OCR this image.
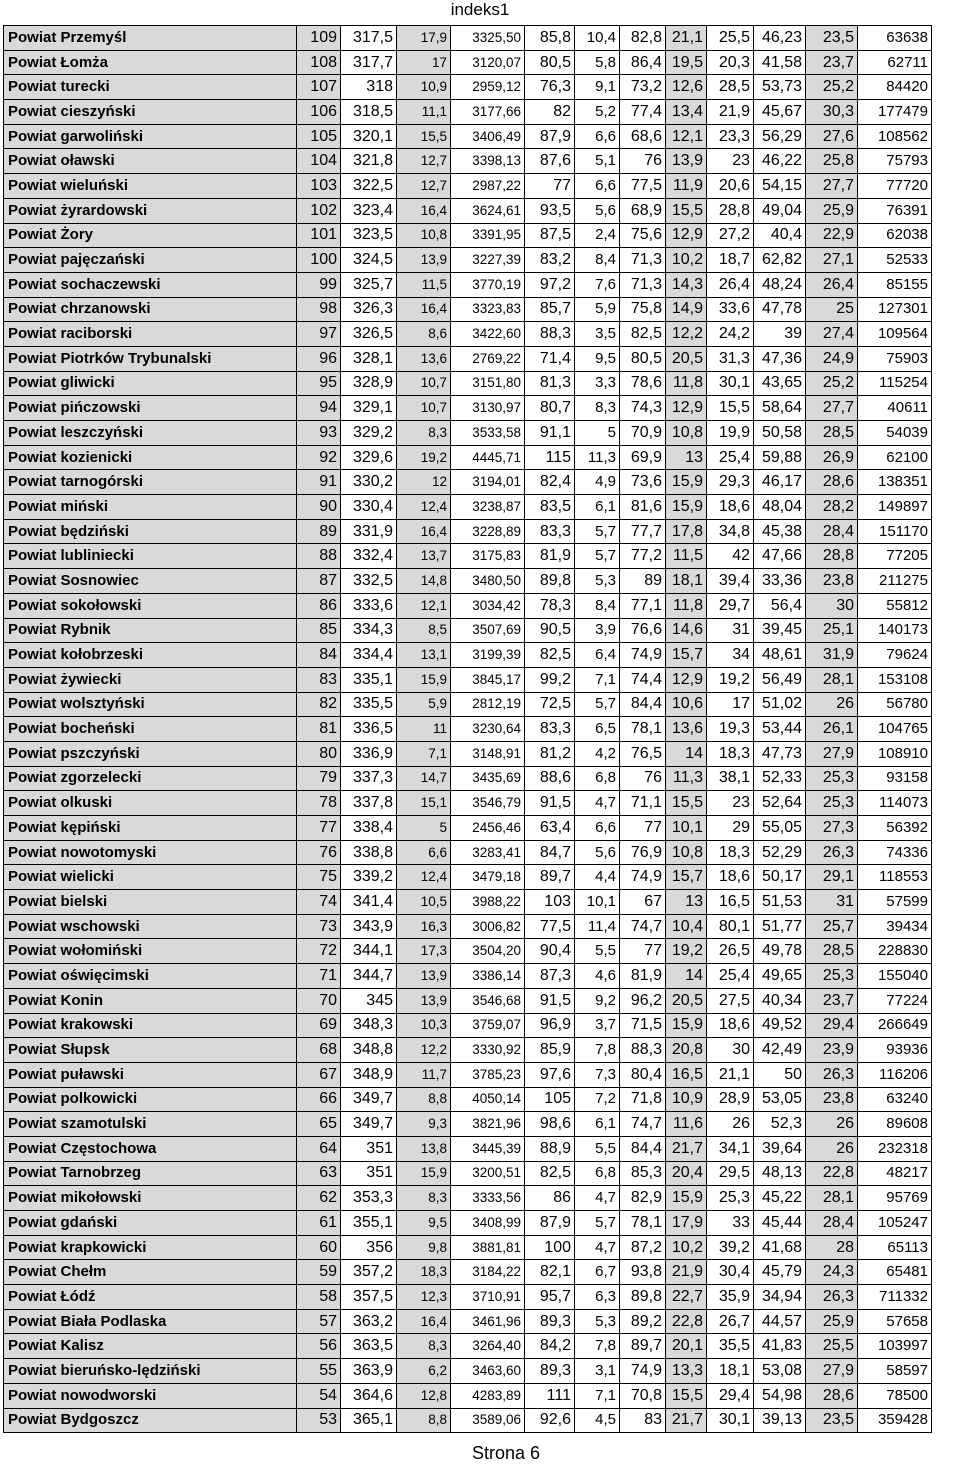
indeks1
Powiat Przemyśl	109	317,5	17,9	3325,50	85,8	10,4	82,8	21,1	25,5	46,23	23,5	63638
Powiat Łomża	108	317,7	17	3120,07	80,5	5,8	86,4	19,5	20,3	41,58	23,7	62711
Powiat turecki	107	318	10,9	2959,12	76,3	9,1	73,2	12,6	28,5	53,73	25,2	84420
Powiat cieszyński	106	318,5	11,1	3177,66	82	5,2	77,4	13,4	21,9	45,67	30,3	177479
Powiat garwoliński	105	320,1	15,5	3406,49	87,9	6,6	68,6	12,1	23,3	56,29	27,6	108562
Powiat oławski	104	321,8	12,7	3398,13	87,6	5,1	76	13,9	23	46,22	25,8	75793
Powiat wieluński	103	322,5	12,7	2987,22	77	6,6	77,5	11,9	20,6	54,15	27,7	77720
Powiat żyrardowski	102	323,4	16,4	3624,61	93,5	5,6	68,9	15,5	28,8	49,04	25,9	76391
Powiat Żory	101	323,5	10,8	3391,95	87,5	2,4	75,6	12,9	27,2	40,4	22,9	62038
Powiat pajęczański	100	324,5	13,9	3227,39	83,2	8,4	71,3	10,2	18,7	62,82	27,1	52533
Powiat sochaczewski	99	325,7	11,5	3770,19	97,2	7,6	71,3	14,3	26,4	48,24	26,4	85155
Powiat chrzanowski	98	326,3	16,4	3323,83	85,7	5,9	75,8	14,9	33,6	47,78	25	127301
Powiat raciborski	97	326,5	8,6	3422,60	88,3	3,5	82,5	12,2	24,2	39	27,4	109564
Powiat Piotrków Trybunalski	96	328,1	13,6	2769,22	71,4	9,5	80,5	20,5	31,3	47,36	24,9	75903
Powiat gliwicki	95	328,9	10,7	3151,80	81,3	3,3	78,6	11,8	30,1	43,65	25,2	115254
Powiat pińczowski	94	329,1	10,7	3130,97	80,7	8,3	74,3	12,9	15,5	58,64	27,7	40611
Powiat leszczyński	93	329,2	8,3	3533,58	91,1	5	70,9	10,8	19,9	50,58	28,5	54039
Powiat kozienicki	92	329,6	19,2	4445,71	115	11,3	69,9	13	25,4	59,88	26,9	62100
Powiat tarnogórski	91	330,2	12	3194,01	82,4	4,9	73,6	15,9	29,3	46,17	28,6	138351
Powiat miński	90	330,4	12,4	3238,87	83,5	6,1	81,6	15,9	18,6	48,04	28,2	149897
Powiat będziński	89	331,9	16,4	3228,89	83,3	5,7	77,7	17,8	34,8	45,38	28,4	151170
Powiat lubliniecki	88	332,4	13,7	3175,83	81,9	5,7	77,2	11,5	42	47,66	28,8	77205
Powiat Sosnowiec	87	332,5	14,8	3480,50	89,8	5,3	89	18,1	39,4	33,36	23,8	211275
Powiat sokołowski	86	333,6	12,1	3034,42	78,3	8,4	77,1	11,8	29,7	56,4	30	55812
Powiat Rybnik	85	334,3	8,5	3507,69	90,5	3,9	76,6	14,6	31	39,45	25,1	140173
Powiat kołobrzeski	84	334,4	13,1	3199,39	82,5	6,4	74,9	15,7	34	48,61	31,9	79624
Powiat żywiecki	83	335,1	15,9	3845,17	99,2	7,1	74,4	12,9	19,2	56,49	28,1	153108
Powiat wolsztyński	82	335,5	5,9	2812,19	72,5	5,7	84,4	10,6	17	51,02	26	56780
Powiat bocheński	81	336,5	11	3230,64	83,3	6,5	78,1	13,6	19,3	53,44	26,1	104765
Powiat pszczyński	80	336,9	7,1	3148,91	81,2	4,2	76,5	14	18,3	47,73	27,9	108910
Powiat zgorzelecki	79	337,3	14,7	3435,69	88,6	6,8	76	11,3	38,1	52,33	25,3	93158
Powiat olkuski	78	337,8	15,1	3546,79	91,5	4,7	71,1	15,5	23	52,64	25,3	114073
Powiat kępiński	77	338,4	5	2456,46	63,4	6,6	77	10,1	29	55,05	27,3	56392
Powiat nowotomyski	76	338,8	6,6	3283,41	84,7	5,6	76,9	10,8	18,3	52,29	26,3	74336
Powiat wielicki	75	339,2	12,4	3479,18	89,7	4,4	74,9	15,7	18,6	50,17	29,1	118553
Powiat bielski	74	341,4	10,5	3988,22	103	10,1	67	13	16,5	51,53	31	57599
Powiat wschowski	73	343,9	16,3	3006,82	77,5	11,4	74,7	10,4	80,1	51,77	25,7	39434
Powiat wołomiński	72	344,1	17,3	3504,20	90,4	5,5	77	19,2	26,5	49,78	28,5	228830
Powiat oświęcimski	71	344,7	13,9	3386,14	87,3	4,6	81,9	14	25,4	49,65	25,3	155040
Powiat Konin	70	345	13,9	3546,68	91,5	9,2	96,2	20,5	27,5	40,34	23,7	77224
Powiat krakowski	69	348,3	10,3	3759,07	96,9	3,7	71,5	15,9	18,6	49,52	29,4	266649
Powiat Słupsk	68	348,8	12,2	3330,92	85,9	7,8	88,3	20,8	30	42,49	23,9	93936
Powiat puławski	67	348,9	11,7	3785,23	97,6	7,3	80,4	16,5	21,1	50	26,3	116206
Powiat polkowicki	66	349,7	8,8	4050,14	105	7,2	71,8	10,9	28,9	53,05	23,8	63240
Powiat szamotulski	65	349,7	9,3	3821,96	98,6	6,1	74,7	11,6	26	52,3	26	89608
Powiat Częstochowa	64	351	13,8	3445,39	88,9	5,5	84,4	21,7	34,1	39,64	26	232318
Powiat Tarnobrzeg	63	351	15,9	3200,51	82,5	6,8	85,3	20,4	29,5	48,13	22,8	48217
Powiat mikołowski	62	353,3	8,3	3333,56	86	4,7	82,9	15,9	25,3	45,22	28,1	95769
Powiat gdański	61	355,1	9,5	3408,99	87,9	5,7	78,1	17,9	33	45,44	28,4	105247
Powiat krapkowicki	60	356	9,8	3881,81	100	4,7	87,2	10,2	39,2	41,68	28	65113
Powiat Chełm	59	357,2	18,3	3184,22	82,1	6,7	93,8	21,9	30,4	45,79	24,3	65481
Powiat Łódź	58	357,5	12,3	3710,91	95,7	6,3	89,8	22,7	35,9	34,94	26,3	711332
Powiat Biała Podlaska	57	363,2	16,4	3461,96	89,3	5,3	89,2	22,8	26,7	44,57	25,9	57658
Powiat Kalisz	56	363,5	8,3	3264,40	84,2	7,8	89,7	20,1	35,5	41,83	25,5	103997
Powiat bieruńsko-lędziński	55	363,9	6,2	3463,60	89,3	3,1	74,9	13,3	18,1	53,08	27,9	58597
Powiat nowodworski	54	364,6	12,8	4283,89	111	7,1	70,8	15,5	29,4	54,98	28,6	78500
Powiat Bydgoszcz	53	365,1	8,8	3589,06	92,6	4,5	83	21,7	30,1	39,13	23,5	359428
Strona 6
